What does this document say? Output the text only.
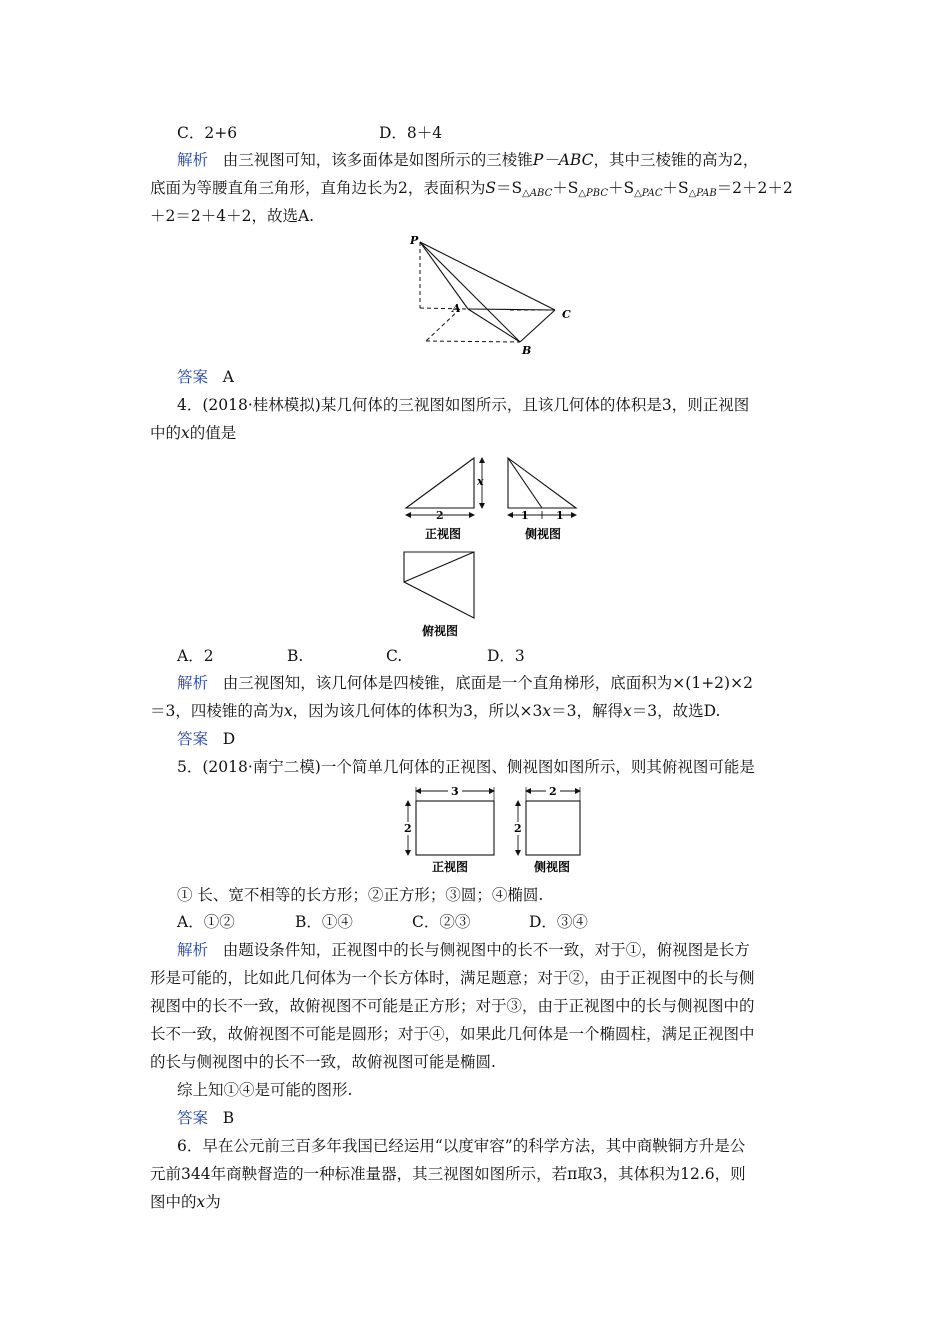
C．2+6	D．8＋4
解析 由三视图可知，该多面体是如图所示的三棱锥P－ABC，其中三棱锥的高为2，
底面为等腰直角三角形，直角边长为2，表面积为$S=S_{\triangle ABC}+S_{\triangle PBC}+S_{\triangle PAC}+S_{\triangle PAB}=2+2+2$
＋2＝2＋4＋2，故选A.
P
A	C
B
答案 A
4．(2018·桂林模拟)某几何体的三视图如图所示，且该几何体的体积是3，则正视图
中的x的值是
x
2
正视图
1 1
侧视图
俯视图
A．2	B.	C.	D．3
解析 由三视图知，该几何体是四棱锥，底面是一个直角梯形，底面积为×(1+2)×2
＝3，四棱锥的高为x，因为该几何体的体积为3，所以×3x＝3，解得x＝3，故选D.
答案 D
5．(2018·南宁二模)一个简单几何体的正视图、侧视图如图所示，则其俯视图可能是
3
2
正视图
2
2
侧视图
① 长、宽不相等的长方形；②正方形；③圆；④椭圆.
A．①②	B．①④	C．②③	D．③④
解析 由题设条件知，正视图中的长与侧视图中的长不一致，对于①，俯视图是长方
形是可能的，比如此几何体为一个长方体时，满足题意；对于②，由于正视图中的长与侧
视图中的长不一致，故俯视图不可能是正方形；对于③，由于正视图中的长与侧视图中的
长不一致，故俯视图不可能是圆形；对于④，如果此几何体是一个椭圆柱，满足正视图中
的长与侧视图中的长不一致，故俯视图可能是椭圆.
综上知①④是可能的图形.
答案 B
6．早在公元前三百多年我国已经运用“以度审容”的科学方法，其中商鞅铜方升是公
元前344年商鞅督造的一种标准量器，其三视图如图所示，若π取3，其体积为12.6，则
图中的x为
